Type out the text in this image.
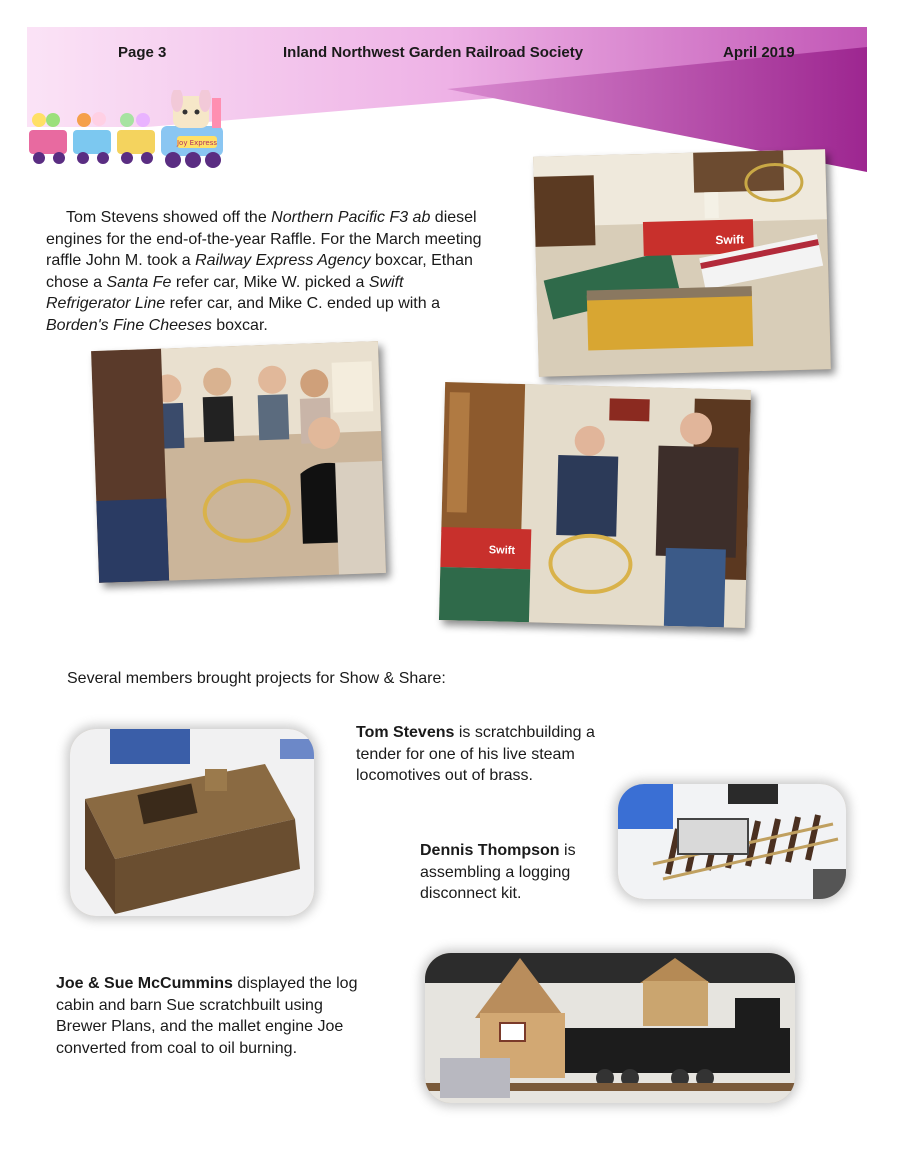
Page 3	Inland Northwest Garden Railroad Society	April 2019
Joy Express
Tom Stevens showed off the Northern Pacific F3 ab diesel engines for the end-of-the-year Raffle. For the March meeting raffle John M. took a Railway Express Agency boxcar, Ethan chose a Santa Fe refer car, Mike W. picked a Swift Refrigerator Line refer car, and Mike C. ended up with a Borden's Fine Cheeses boxcar.
Swift
Swift
Several members brought projects for Show & Share:
Tom Stevens is scratchbuilding a tender for one of his live steam locomotives out of brass.
Dennis Thompson is assembling a logging disconnect kit.
Joe & Sue McCummins displayed the log cabin and barn Sue scratchbuilt using Brewer Plans, and the mallet engine Joe converted from coal to oil burning.
